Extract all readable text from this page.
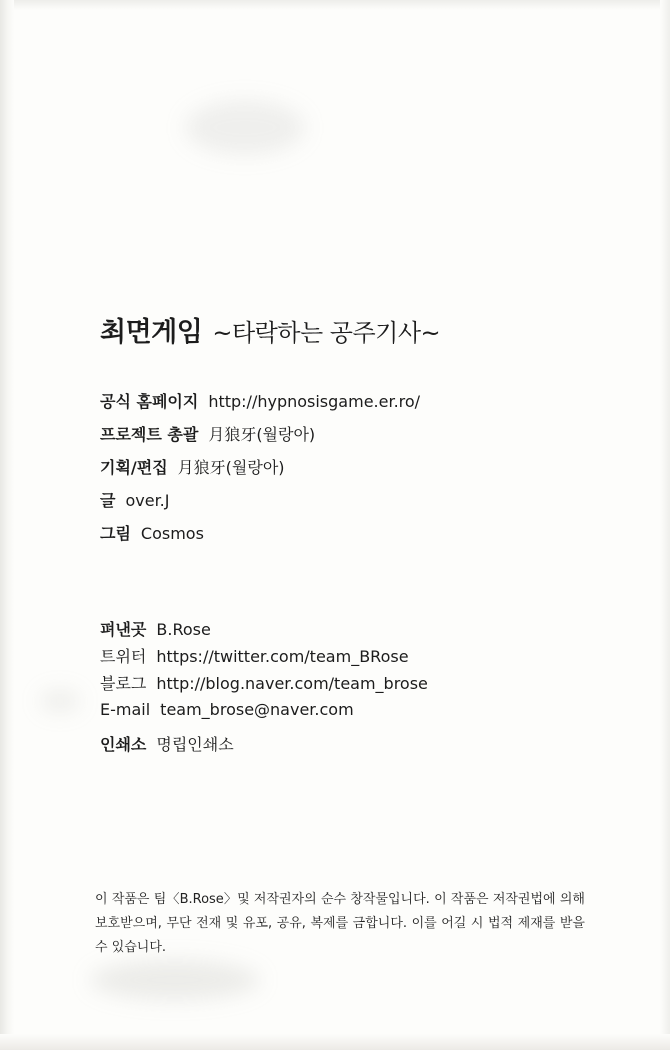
최면게임 ~타락하는 공주기사~
공식 홈페이지 http://hypnosisgame.er.ro/
프로젝트 총괄 月狼牙(월랑아)
기획/편집 月狼牙(월랑아)
글 over.J
그림 Cosmos
펴낸곳 B.Rose
트위터 https://twitter.com/team_BRose
블로그 http://blog.naver.com/team_brose
E-mail team_brose@naver.com
인쇄소 명립인쇄소
이 작품은 팀〈B.Rose〉및 저작권자의 순수 창작물입니다. 이 작품은 저작권법에 의해 보호받으며, 무단 전재 및 유포, 공유, 복제를 금합니다. 이를 어길 시 법적 제재를 받을 수 있습니다.
